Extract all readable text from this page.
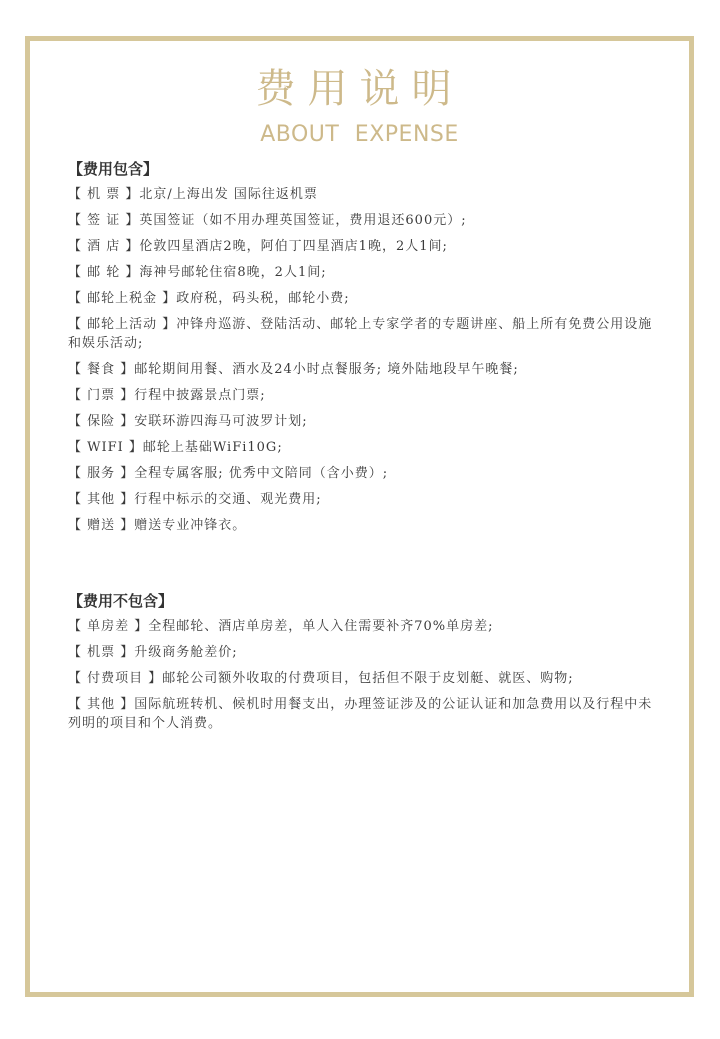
费用说明
ABOUT EXPENSE
【费用包含】
【 机 票 】北京/上海出发 国际往返机票
【 签 证 】英国签证（如不用办理英国签证，费用退还600元）;
【 酒 店 】伦敦四星酒店2晚，阿伯丁四星酒店1晚，2人1间;
【 邮 轮 】海神号邮轮住宿8晚，2人1间;
【 邮轮上税金 】政府税，码头税，邮轮小费;
【 邮轮上活动 】冲锋舟巡游、登陆活动、邮轮上专家学者的专题讲座、船上所有免费公用设施和娱乐活动;
【 餐食 】邮轮期间用餐、酒水及24小时点餐服务; 境外陆地段早午晚餐;
【 门票 】行程中披露景点门票;
【 保险 】安联环游四海马可波罗计划;
【 WIFI 】邮轮上基础WiFi10G;
【 服务 】全程专属客服; 优秀中文陪同（含小费）;
【 其他 】行程中标示的交通、观光费用;
【 赠送 】赠送专业冲锋衣。
【费用不包含】
【 单房差 】全程邮轮、酒店单房差，单人入住需要补齐70%单房差;
【 机票 】升级商务舱差价;
【 付费项目 】邮轮公司额外收取的付费项目，包括但不限于皮划艇、就医、购物;
【 其他 】国际航班转机、候机时用餐支出，办理签证涉及的公证认证和加急费用以及行程中未列明的项目和个人消费。
